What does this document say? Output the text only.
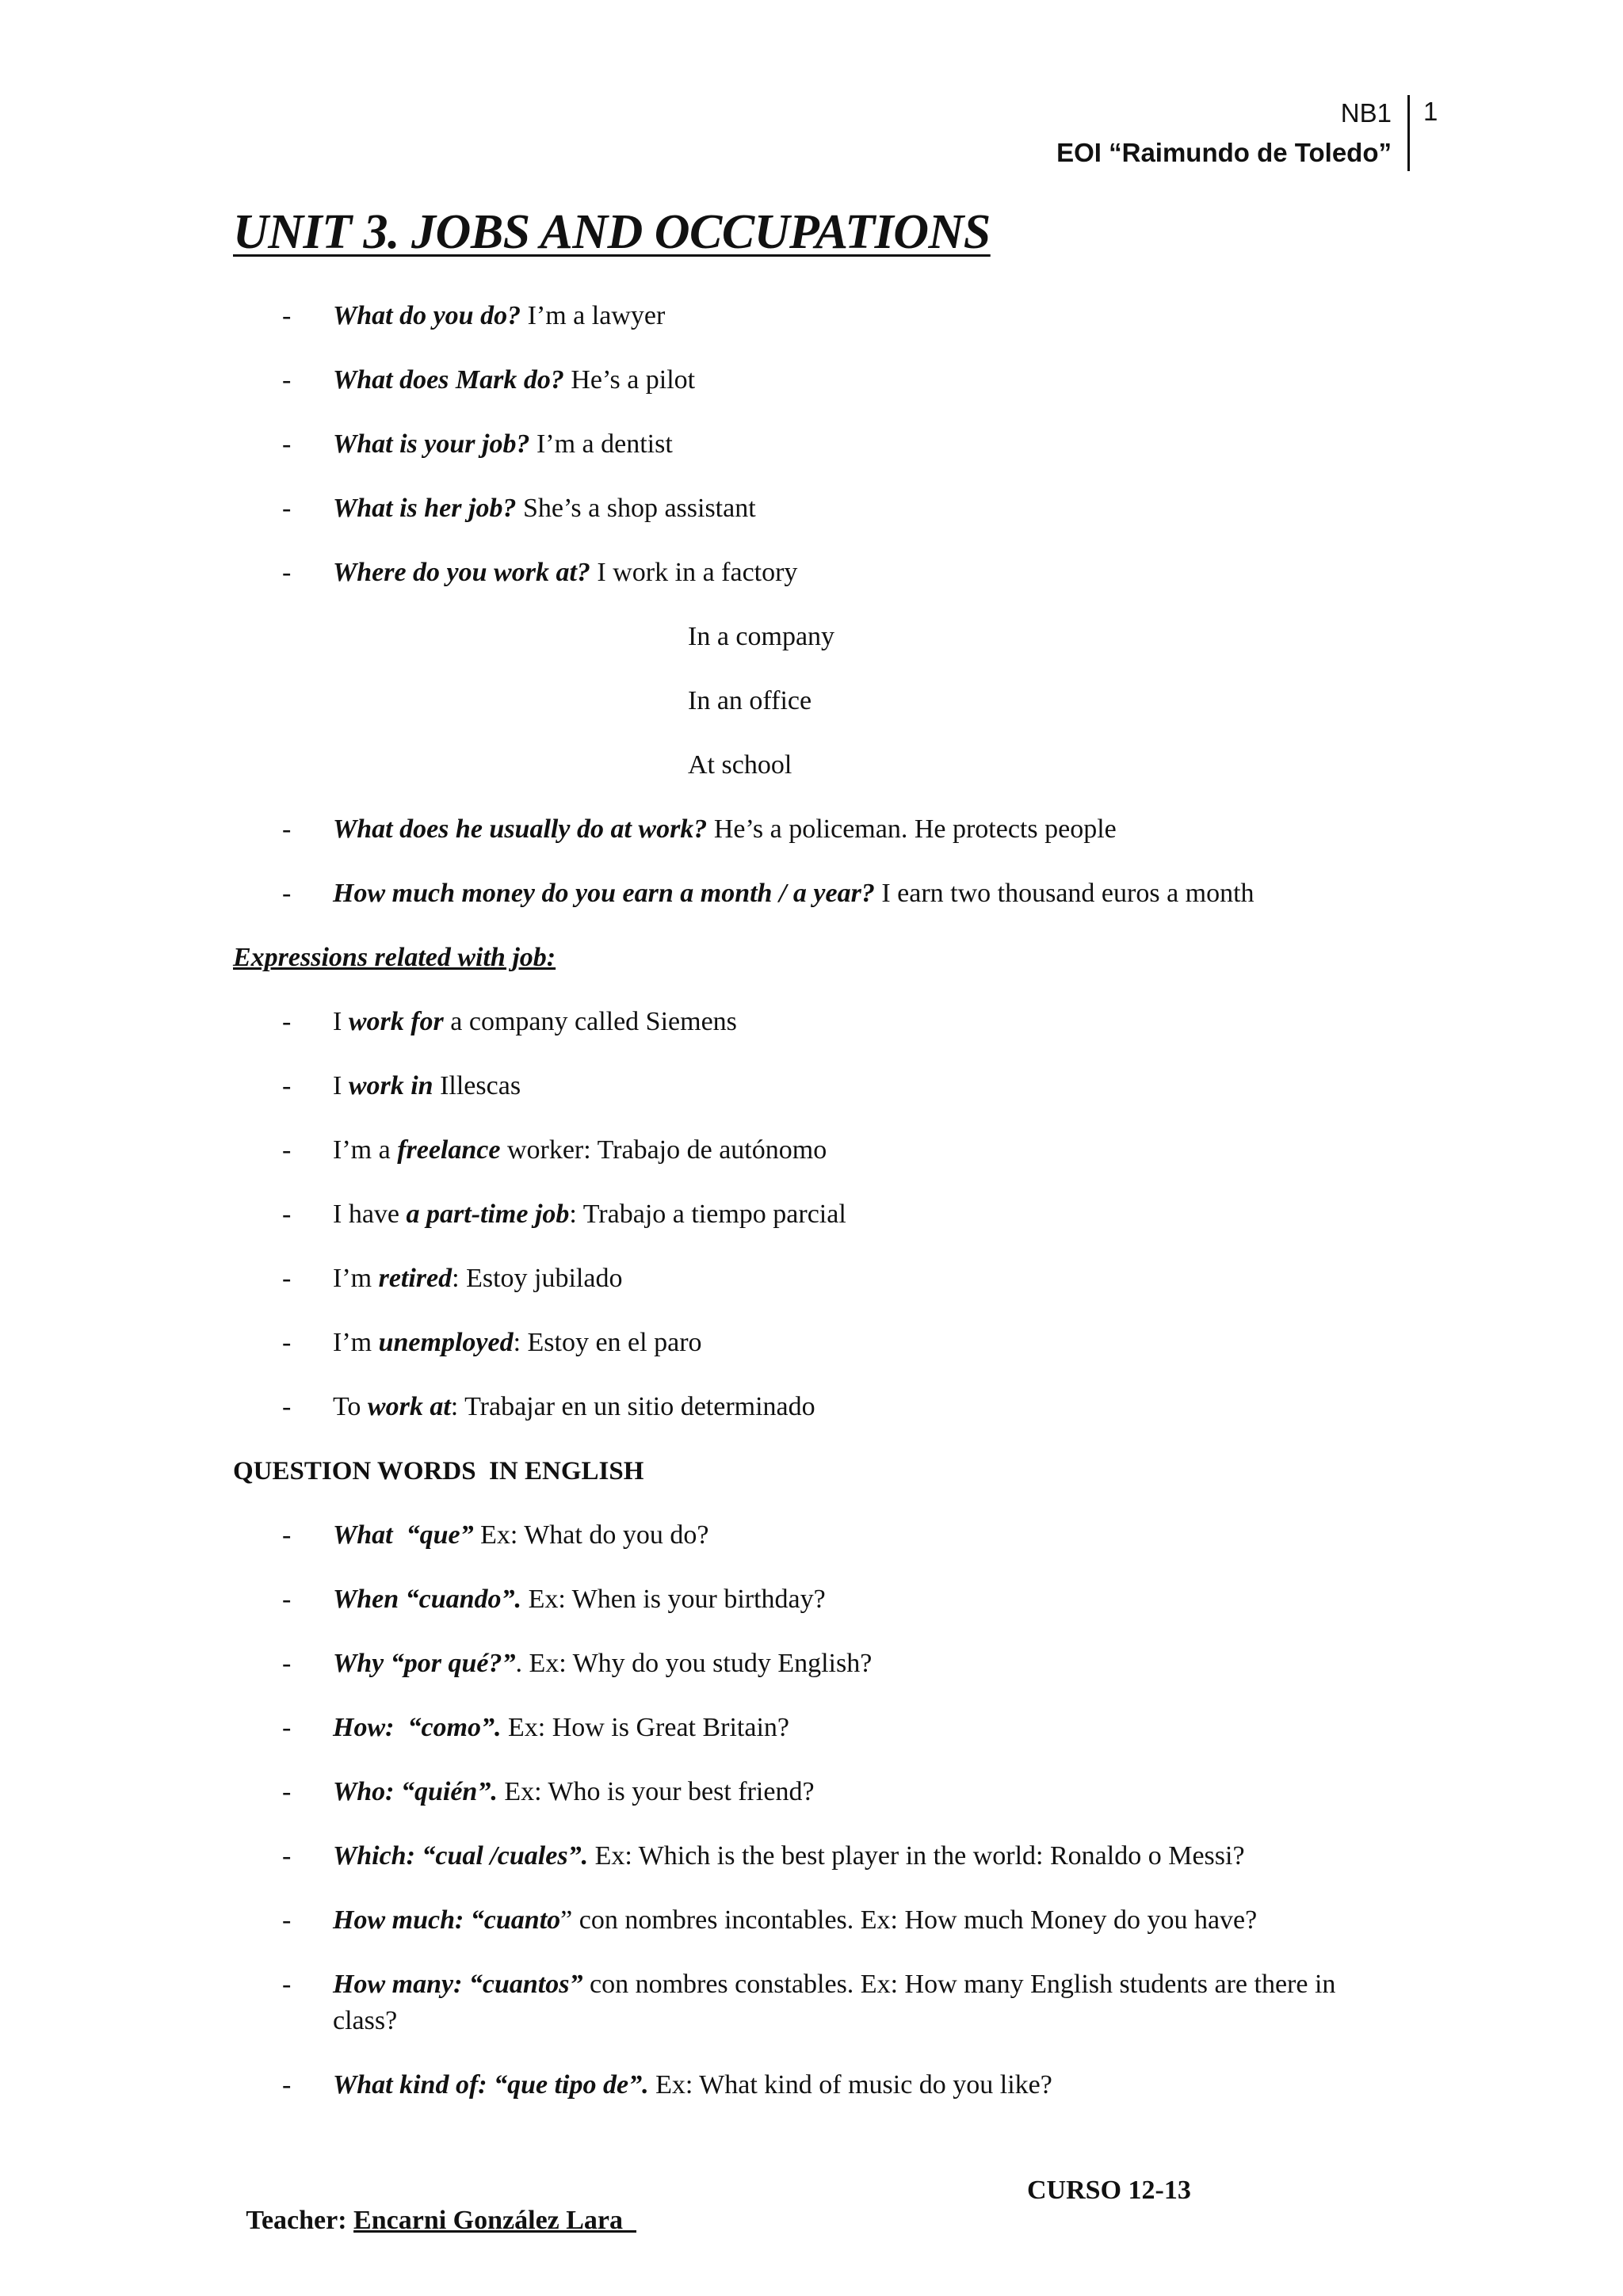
NB1
EOI “Raimundo de Toledo”
1
UNIT 3. JOBS AND OCCUPATIONS
- What do you do? I’m a lawyer
- What does Mark do? He’s a pilot
- What is your job? I’m a dentist
- What is her job? She’s a shop assistant
- Where do you work at? I work in a factory
In a company
In an office
At school
- What does he usually do at work? He’s a policeman. He protects people
- How much money do you earn a month / a year? I earn two thousand euros a month
Expressions related with job:
- I work for a company called Siemens
- I work in Illescas
- I’m a freelance worker: Trabajo de autónomo
- I have a part-time job: Trabajo a tiempo parcial
- I’m retired: Estoy jubilado
- I’m unemployed: Estoy en el paro
- To work at: Trabajar en un sitio determinado
QUESTION WORDS  IN ENGLISH
- What  “que” Ex: What do you do?
- When “cuando”. Ex: When is your birthday?
- Why “por qué?”. Ex: Why do you study English?
- How:  “como”. Ex: How is Great Britain?
- Who: “quién”. Ex: Who is your best friend?
- Which: “cual /cuales”. Ex: Which is the best player in the world: Ronaldo o Messi?
- How much: “cuanto” con nombres incontables. Ex: How much Money do you have?
- How many: “cuantos” con nombres constables. Ex: How many English students are there in class?
- What kind of: “que tipo de”. Ex: What kind of music do you like?

Teacher: Encarni González Lara

CURSO 12-13
